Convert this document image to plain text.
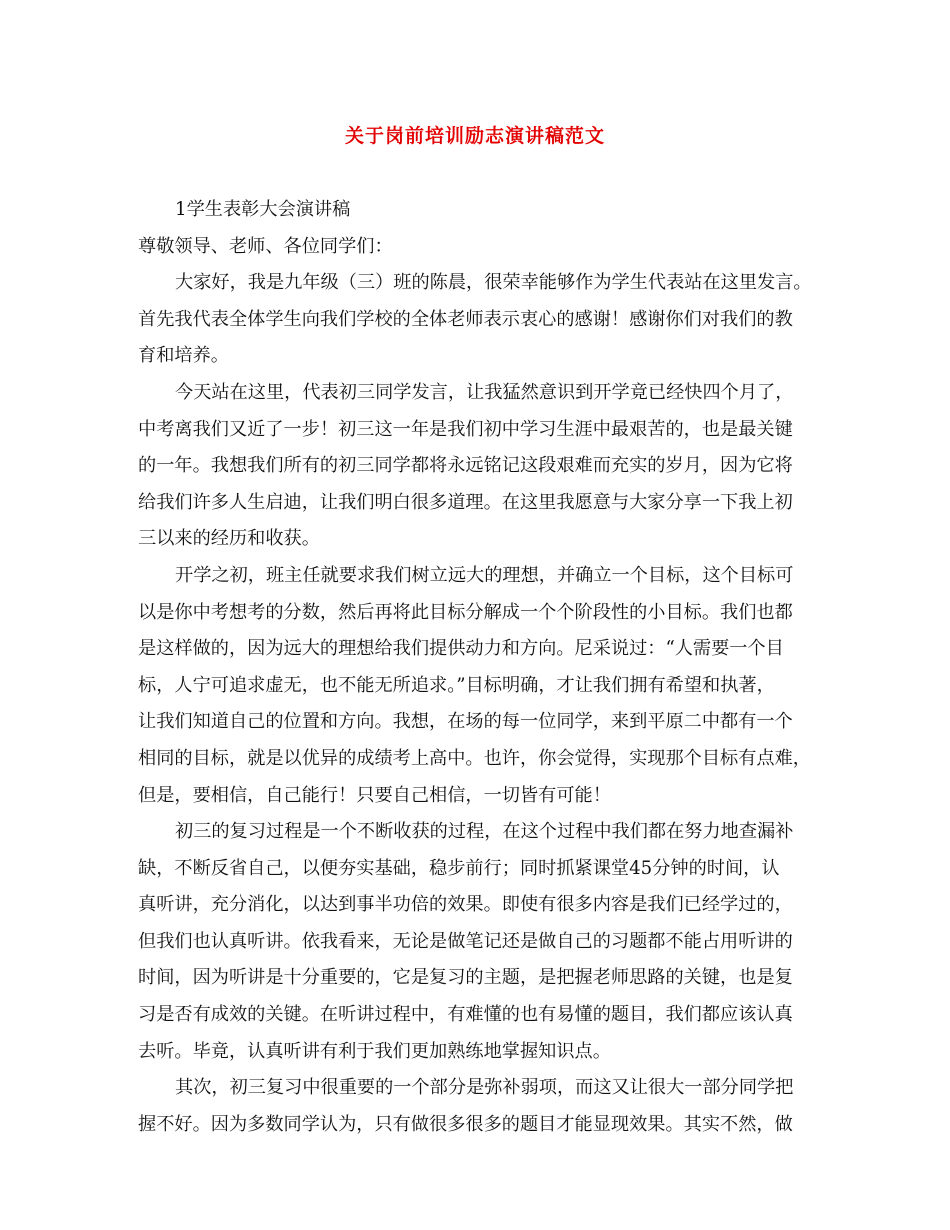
关于岗前培训励志演讲稿范文

1学生表彰大会演讲稿

尊敬领导、老师、各位同学们：

大家好，我是九年级（三）班的陈晨，很荣幸能够作为学生代表站在这里发言。

首先我代表全体学生向我们学校的全体老师表示衷心的感谢！感谢你们对我们的教

育和培养。

今天站在这里，代表初三同学发言，让我猛然意识到开学竟已经快四个月了，

中考离我们又近了一步！初三这一年是我们初中学习生涯中最艰苦的，也是最关键

的一年。我想我们所有的初三同学都将永远铭记这段艰难而充实的岁月，因为它将

给我们许多人生启迪，让我们明白很多道理。在这里我愿意与大家分享一下我上初

三以来的经历和收获。

开学之初，班主任就要求我们树立远大的理想，并确立一个目标，这个目标可

以是你中考想考的分数，然后再将此目标分解成一个个阶段性的小目标。我们也都

是这样做的，因为远大的理想给我们提供动力和方向。尼采说过：“人需要一个目

标，人宁可追求虚无，也不能无所追求。”目标明确，才让我们拥有希望和执著，

让我们知道自己的位置和方向。我想，在场的每一位同学，来到平原二中都有一个

相同的目标，就是以优异的成绩考上高中。也许，你会觉得，实现那个目标有点难，

但是，要相信，自己能行！只要自己相信，一切皆有可能！

初三的复习过程是一个不断收获的过程，在这个过程中我们都在努力地查漏补

缺，不断反省自己，以便夯实基础，稳步前行；同时抓紧课堂45分钟的时间，认

真听讲，充分消化，以达到事半功倍的效果。即使有很多内容是我们已经学过的，

但我们也认真听讲。依我看来，无论是做笔记还是做自己的习题都不能占用听讲的

时间，因为听讲是十分重要的，它是复习的主题，是把握老师思路的关键，也是复

习是否有成效的关键。在听讲过程中，有难懂的也有易懂的题目，我们都应该认真

去听。毕竟，认真听讲有利于我们更加熟练地掌握知识点。

其次，初三复习中很重要的一个部分是弥补弱项，而这又让很大一部分同学把

握不好。因为多数同学认为，只有做很多很多的题目才能显现效果。其实不然，做
